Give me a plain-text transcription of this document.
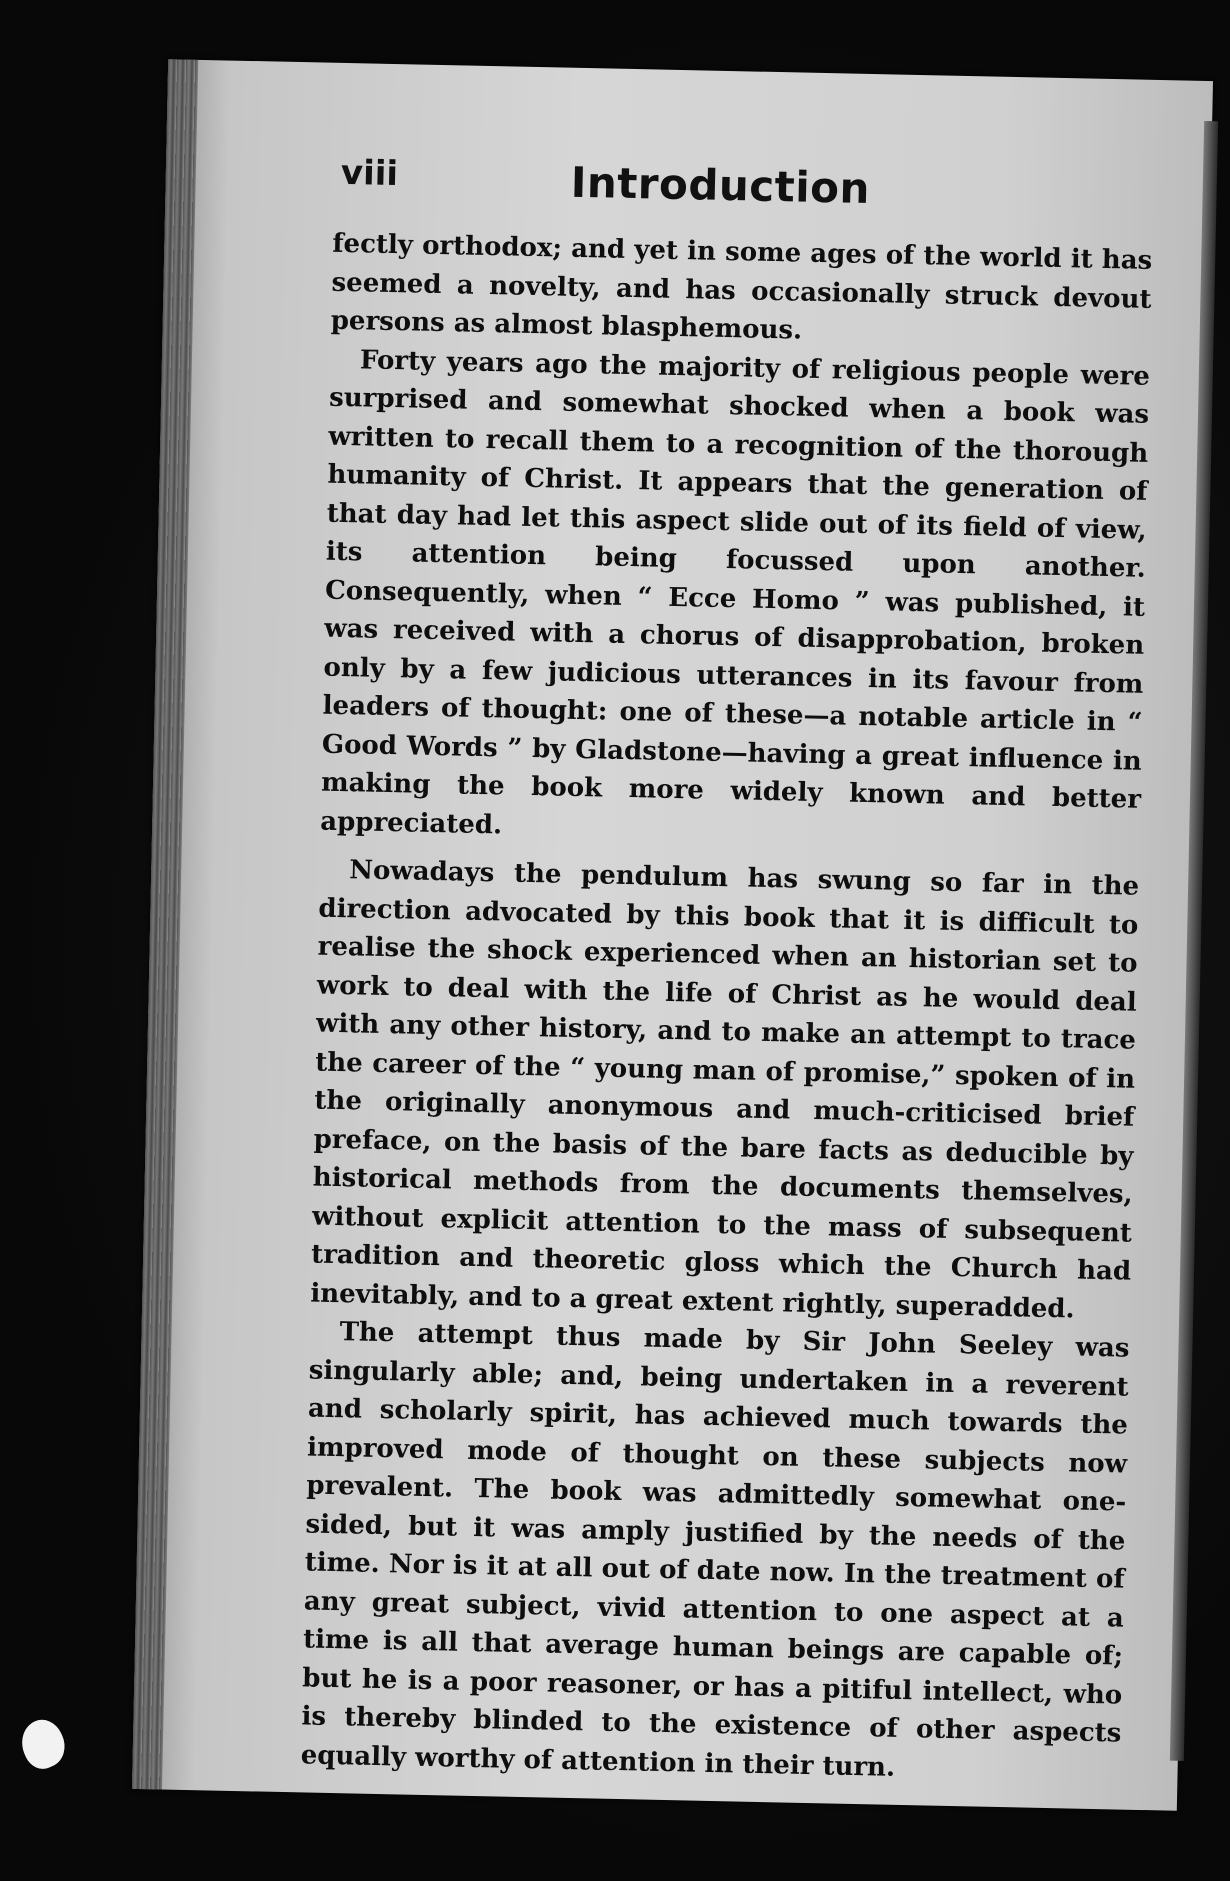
viii	Introduction

fectly orthodox; and yet in some ages of the world it has seemed a novelty, and has occasionally struck devout persons as almost blasphemous.

Forty years ago the majority of religious people were surprised and somewhat shocked when a book was written to recall them to a recognition of the thorough humanity of Christ. It appears that the generation of that day had let this aspect slide out of its field of view, its attention being focussed upon another. Consequently, when “ Ecce Homo ” was published, it was received with a chorus of disapprobation, broken only by a few judicious utterances in its favour from leaders of thought: one of these—a notable article in “ Good Words ” by Gladstone—having a great influence in making the book more widely known and better appreciated.

Nowadays the pendulum has swung so far in the direction advocated by this book that it is difficult to realise the shock experienced when an historian set to work to deal with the life of Christ as he would deal with any other history, and to make an attempt to trace the career of the “ young man of promise,” spoken of in the originally anonymous and much-criticised brief preface, on the basis of the bare facts as deducible by historical methods from the documents themselves, without explicit attention to the mass of subsequent tradition and theoretic gloss which the Church had inevitably, and to a great extent rightly, superadded.

The attempt thus made by Sir John Seeley was singularly able; and, being undertaken in a reverent and scholarly spirit, has achieved much towards the improved mode of thought on these subjects now prevalent. The book was admittedly somewhat one-sided, but it was amply justified by the needs of the time. Nor is it at all out of date now. In the treatment of any great subject, vivid attention to one aspect at a time is all that average human beings are capable of; but he is a poor reasoner, or has a pitiful intellect, who is thereby blinded to the existence of other aspects equally worthy of attention in their turn.
